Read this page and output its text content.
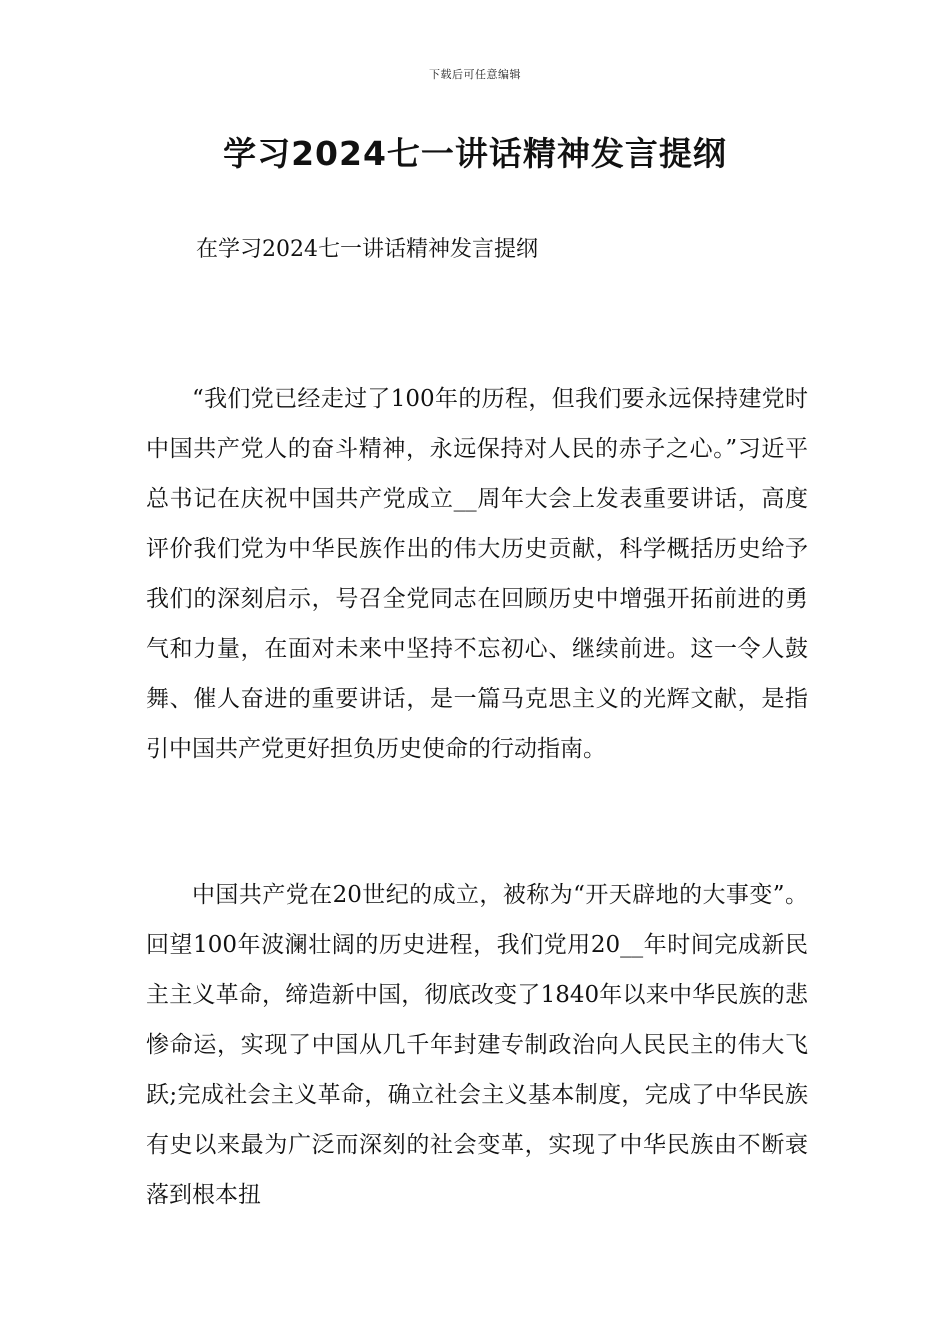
下载后可任意编辑
学习2024七一讲话精神发言提纲
在学习2024七一讲话精神发言提纲

“我们党已经走过了100年的历程，但我们要永远保持建党时中国共产党人的奋斗精神，永远保持对人民的赤子之心。”习近平总书记在庆祝中国共产党成立__周年大会上发表重要讲话，高度评价我们党为中华民族作出的伟大历史贡献，科学概括历史给予我们的深刻启示，号召全党同志在回顾历史中增强开拓前进的勇气和力量，在面对未来中坚持不忘初心、继续前进。这一令人鼓舞、催人奋进的重要讲话，是一篇马克思主义的光辉文献，是指引中国共产党更好担负历史使命的行动指南。

中国共产党在20世纪的成立，被称为“开天辟地的大事变”。回望100年波澜壮阔的历史进程，我们党用20__年时间完成新民主主义革命，缔造新中国，彻底改变了1840年以来中华民族的悲惨命运，实现了中国从几千年封建专制政治向人民民主的伟大飞跃;完成社会主义革命，确立社会主义基本制度，完成了中华民族有史以来最为广泛而深刻的社会变革，实现了中华民族由不断衰落到根本扭
